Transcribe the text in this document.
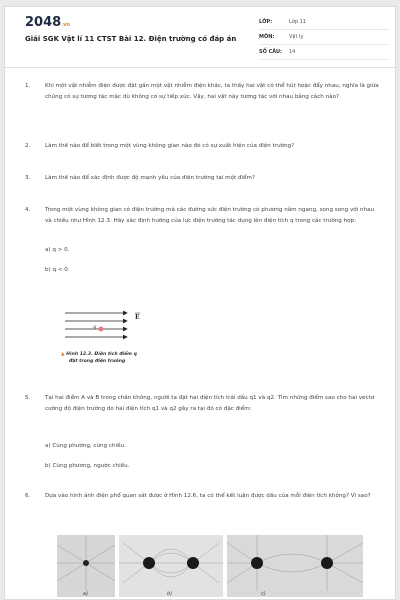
2048.vn
Giải SGK Vật lí 11 CTST Bài 12. Điện trường có đáp án
LỚP:	Lớp 11
MÔN:	Vật lý
SỐ CÂU: 14
1.	Khi một vật nhiễm điện được đặt gần một vật nhiễm điện khác, ta thấy hai vật có thể hút hoặc đẩy nhau, nghĩa là giữa chúng có sự tương tác mặc dù không có sự tiếp xúc. Vậy, hai vật này tương tác với nhau bằng cách nào?
2.	Làm thế nào để biết trong một vùng không gian nào đó có sự xuất hiện của điện trường?
3.	Làm thế nào để xác định được độ mạnh yếu của điện trường tại một điểm?
4.	Trong một vùng không gian có điện trường mà các đường sức điện trường có phương nằm ngang, song song với nhau và chiều như Hình 12.3. Hãy xác định hướng của lực điện trường tác dụng lên điện tích q trong các trường hợp:
a) q > 0.
b) q < 0.
q
E
▲ Hình 12.3. Điện tích điểm q
đặt trong điện trường
5.	Tại hai điểm A và B trong chân không, người ta đặt hai điện tích trái dấu q1 và q2. Tìm những điểm sao cho hai vectơ cường độ điện trường do hai điện tích q1 và q2 gây ra tại đó có đặc điểm:
a) Cùng phương, cùng chiều.
b) Cùng phương, ngược chiều.
6.	Dựa vào hình ảnh điện phổ quan sát được ở Hình 12.6, ta có thể kết luận được dấu của mỗi điện tích không? Vì sao?
a)	b)	c)
